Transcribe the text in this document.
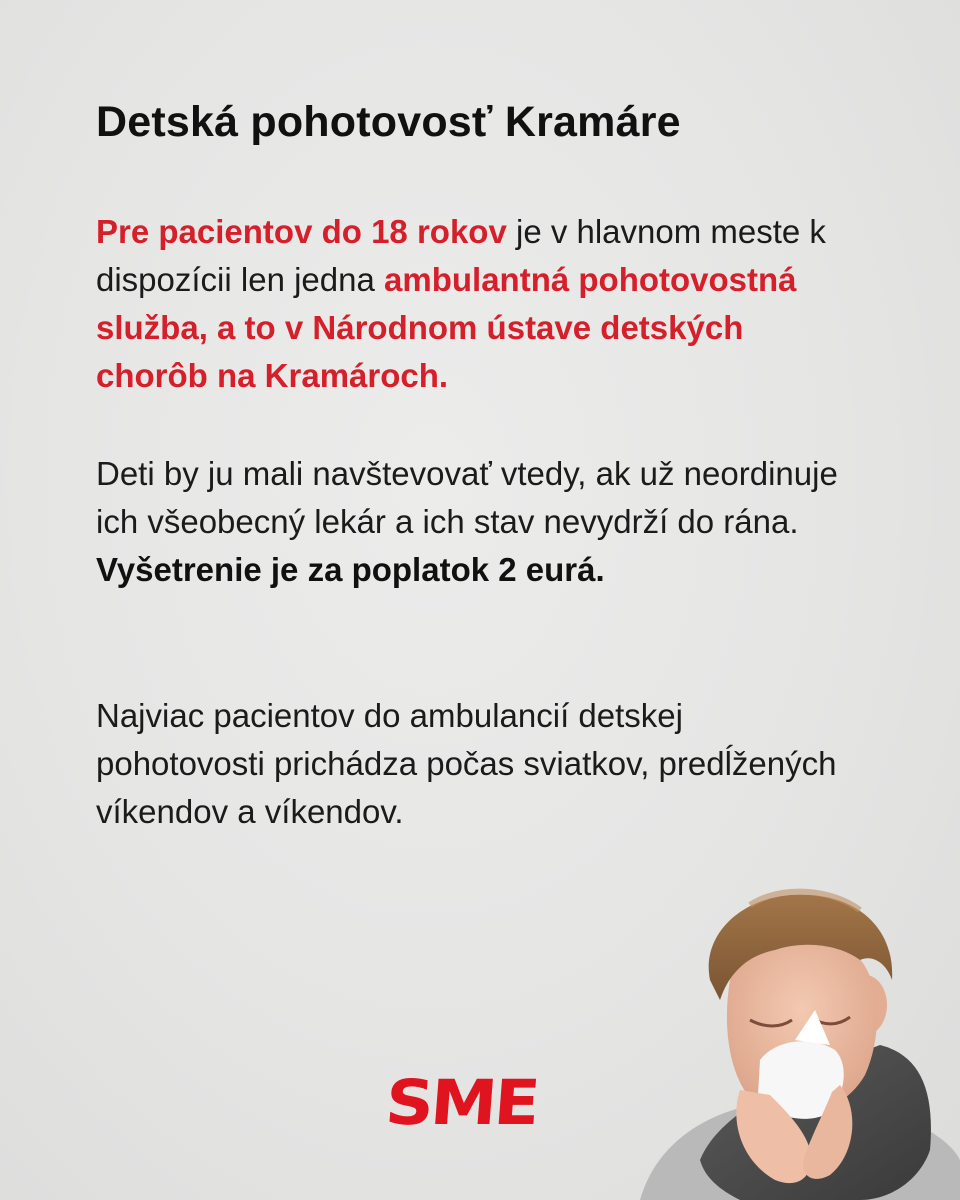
Detská pohotovosť Kramáre

Pre pacientov do 18 rokov je v hlavnom meste k dispozícii len jedna ambulantná pohotovostná služba, a to v Národnom ústave detských chorôb na Kramároch.

Deti by ju mali navštevovať vtedy, ak už neordinuje ich všeobecný lekár a ich stav nevydrží do rána. Vyšetrenie je za poplatok 2 eurá.

Najviac pacientov do ambulancií detskej pohotovosti prichádza počas sviatkov, predĺžených víkendov a víkendov.

SME
